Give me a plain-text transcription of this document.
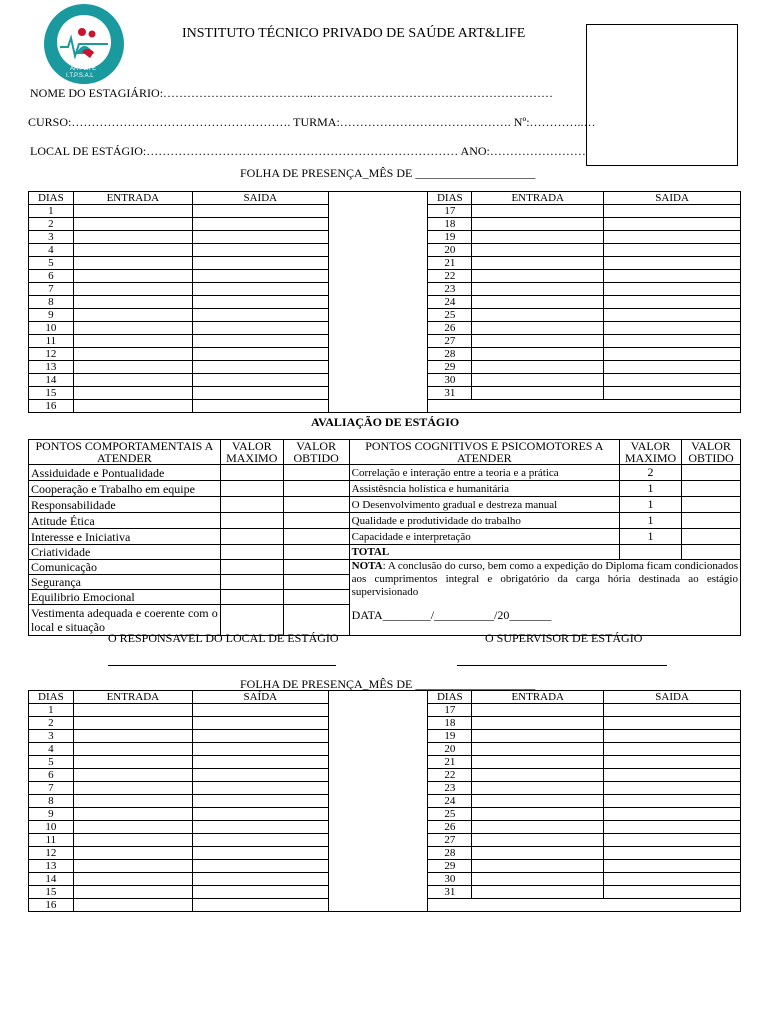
ART LIFE
I.T.P.S.A.L
INSTITUTO TÉCNICO PRIVADO DE SAÚDE ART&LIFE
NOME DO ESTAGIÁRIO:………………………………..……………………………………………………
CURSO:………………………………………………. TURMA:……………………………………. Nº:…………..…
LOCAL DE ESTÁGIO:…………………………………………………………………… ANO:……………………
FOLHA DE PRESENÇA_MÊS DE ____________________
DIAS	ENTRADA	SAIDA		DIAS	ENTRADA	SAIDA
1				17		
2				18		
3				19		
4				20		
5				21		
6				22		
7				23		
8				24		
9				25		
10				26		
11				27		
12				28		
13				29		
14				30		
15				31		
16						
AVALIAÇÃO DE ESTÁGIO
PONTOS COMPORTAMENTAIS A ATENDER	VALOR MAXIMO	VALOR OBTIDO	PONTOS COGNITIVOS E PSICOMOTORES A ATENDER	VALOR MAXIMO	VALOR OBTIDO
Assiduidade e Pontualidade			Correlação e interação entre a teoria e a prática	2	
Cooperação e Trabalho em equipe			Assistêsncia holística e humanitária	1	
Responsabilidade			O Desenvolvimento gradual e destreza manual	1	
Atitude Ética			Qualidade e produtividade do trabalho	1	
Interesse e Iniciativa			Capacidade e interpretação	1	
Criatividade			TOTAL		
Comunicação			NOTA: A conclusão do curso, bem como a expedição do Diploma ficam condicionados aos cumprimentos integral e obrigatório da carga hória destinada ao estágio supervisionado
DATA________/__________/20_______		

Segurança					
Equilibrio Emocional					
Vestimenta adequada e coerente com o local e situação					
O RESPONSAVEL DO LOCAL DE ESTÁGIO	O SUPERVISOR DE ESTÁGIO
FOLHA DE PRESENÇA_MÊS DE ____________________
DIAS	ENTRADA	SAÍDA		DIAS	ENTRADA	SAIDA
1				17		
2				18		
3				19		
4				20		
5				21		
6				22		
7				23		
8				24		
9				25		
10				26		
11				27		
12				28		
13				29		
14				30		
15				31		
16						
